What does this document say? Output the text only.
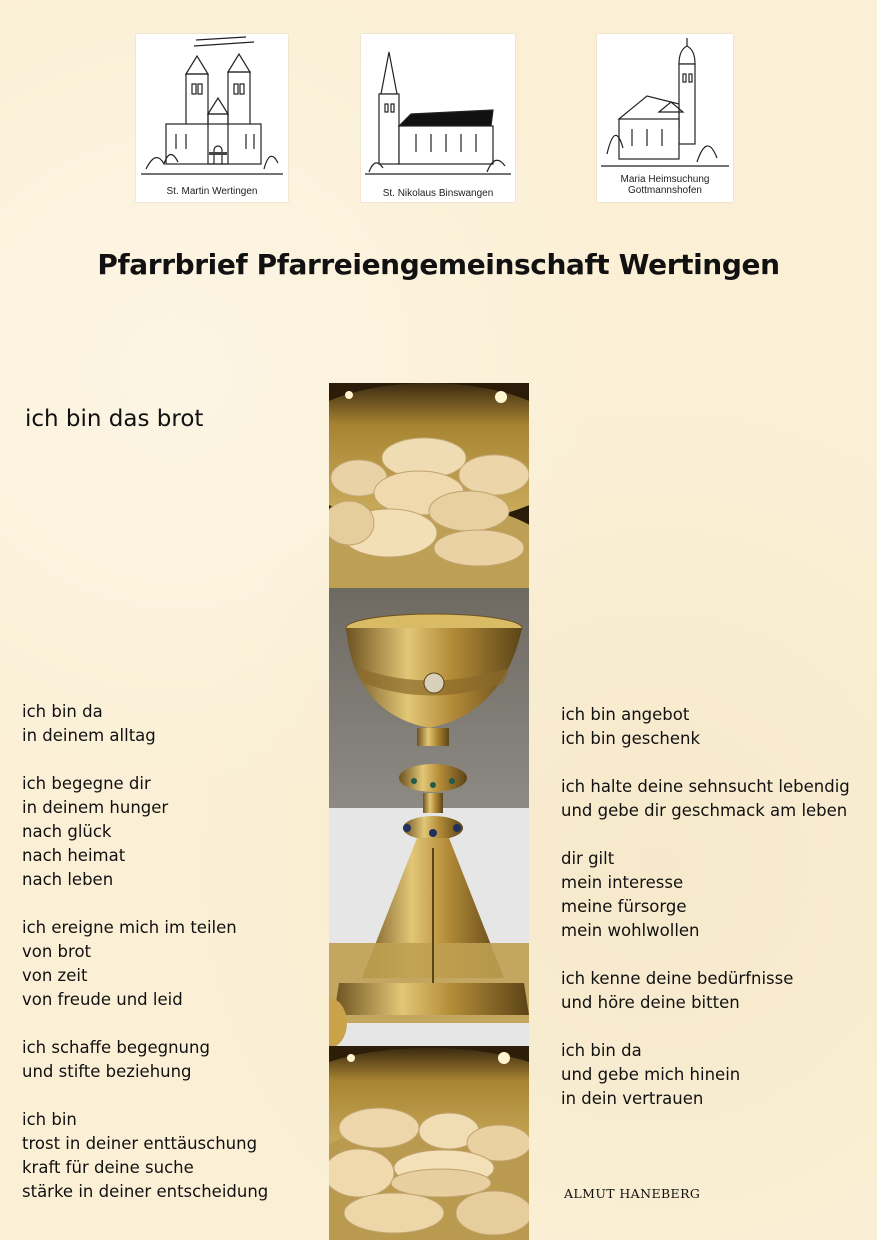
St. Martin Wertingen	St. Nikolaus Binswangen
Maria Heimsuchung
Gottmannshofen
Pfarrbrief Pfarreiengemeinschaft Wertingen
ich bin das brot
ich bin da
in deinem alltag
ich begegne dir
in deinem hunger
nach glück
nach heimat
nach leben
ich ereigne mich im teilen
von brot
von zeit
von freude und leid
ich schaffe begegnung
und stifte beziehung
ich bin
trost in deiner enttäuschung
kraft für deine suche
stärke in deiner entscheidung
ich bin angebot
ich bin geschenk
ich halte deine sehnsucht lebendig
und gebe dir geschmack am leben
dir gilt
mein interesse
meine fürsorge
mein wohlwollen
ich kenne deine bedürfnisse
und höre deine bitten
ich bin da
und gebe mich hinein
in dein vertrauen
ALMUT HANEBERG
